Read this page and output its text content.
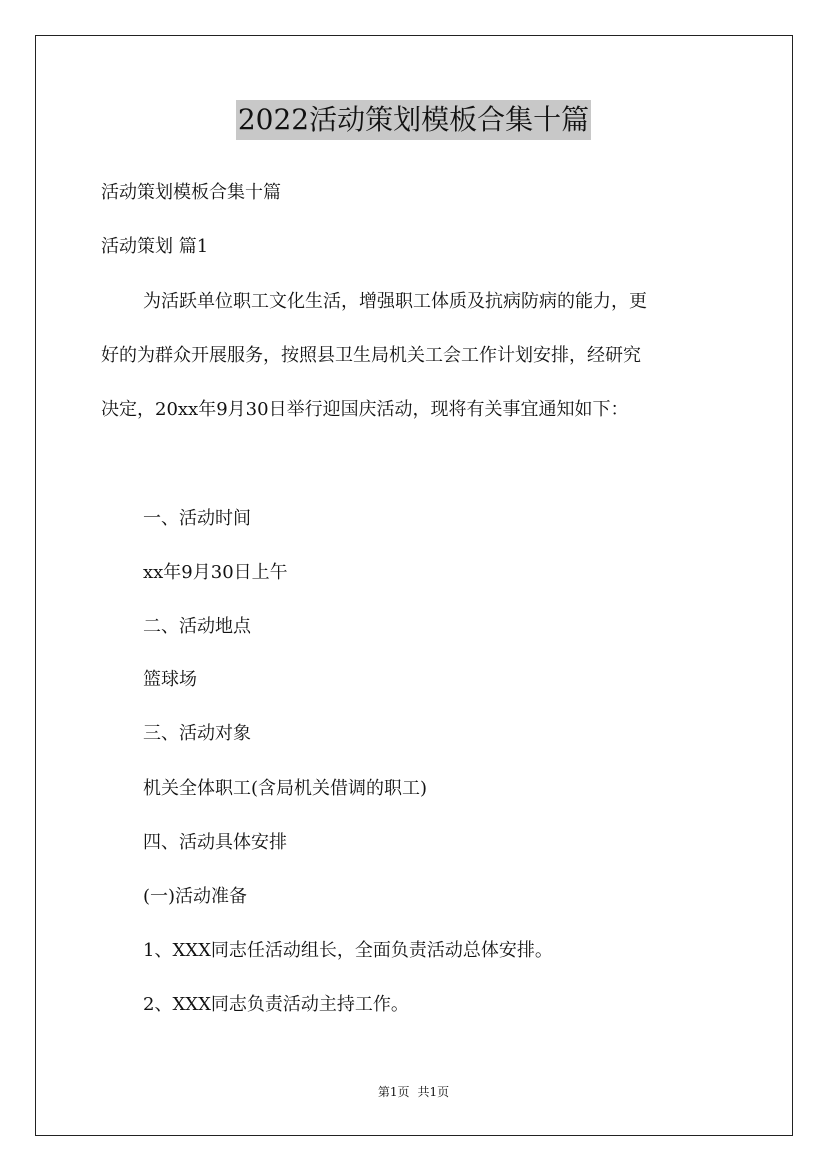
2022活动策划模板合集十篇
活动策划模板合集十篇
活动策划 篇1
为活跃单位职工文化生活，增强职工体质及抗病防病的能力，更
好的为群众开展服务，按照县卫生局机关工会工作计划安排，经研究
决定，20xx年9月30日举行迎国庆活动，现将有关事宜通知如下：
一、活动时间
xx年9月30日上午
二、活动地点
篮球场
三、活动对象
机关全体职工(含局机关借调的职工)
四、活动具体安排
(一)活动准备
1、XXX同志任活动组长，全面负责活动总体安排。
2、XXX同志负责活动主持工作。
第1页 共1页
